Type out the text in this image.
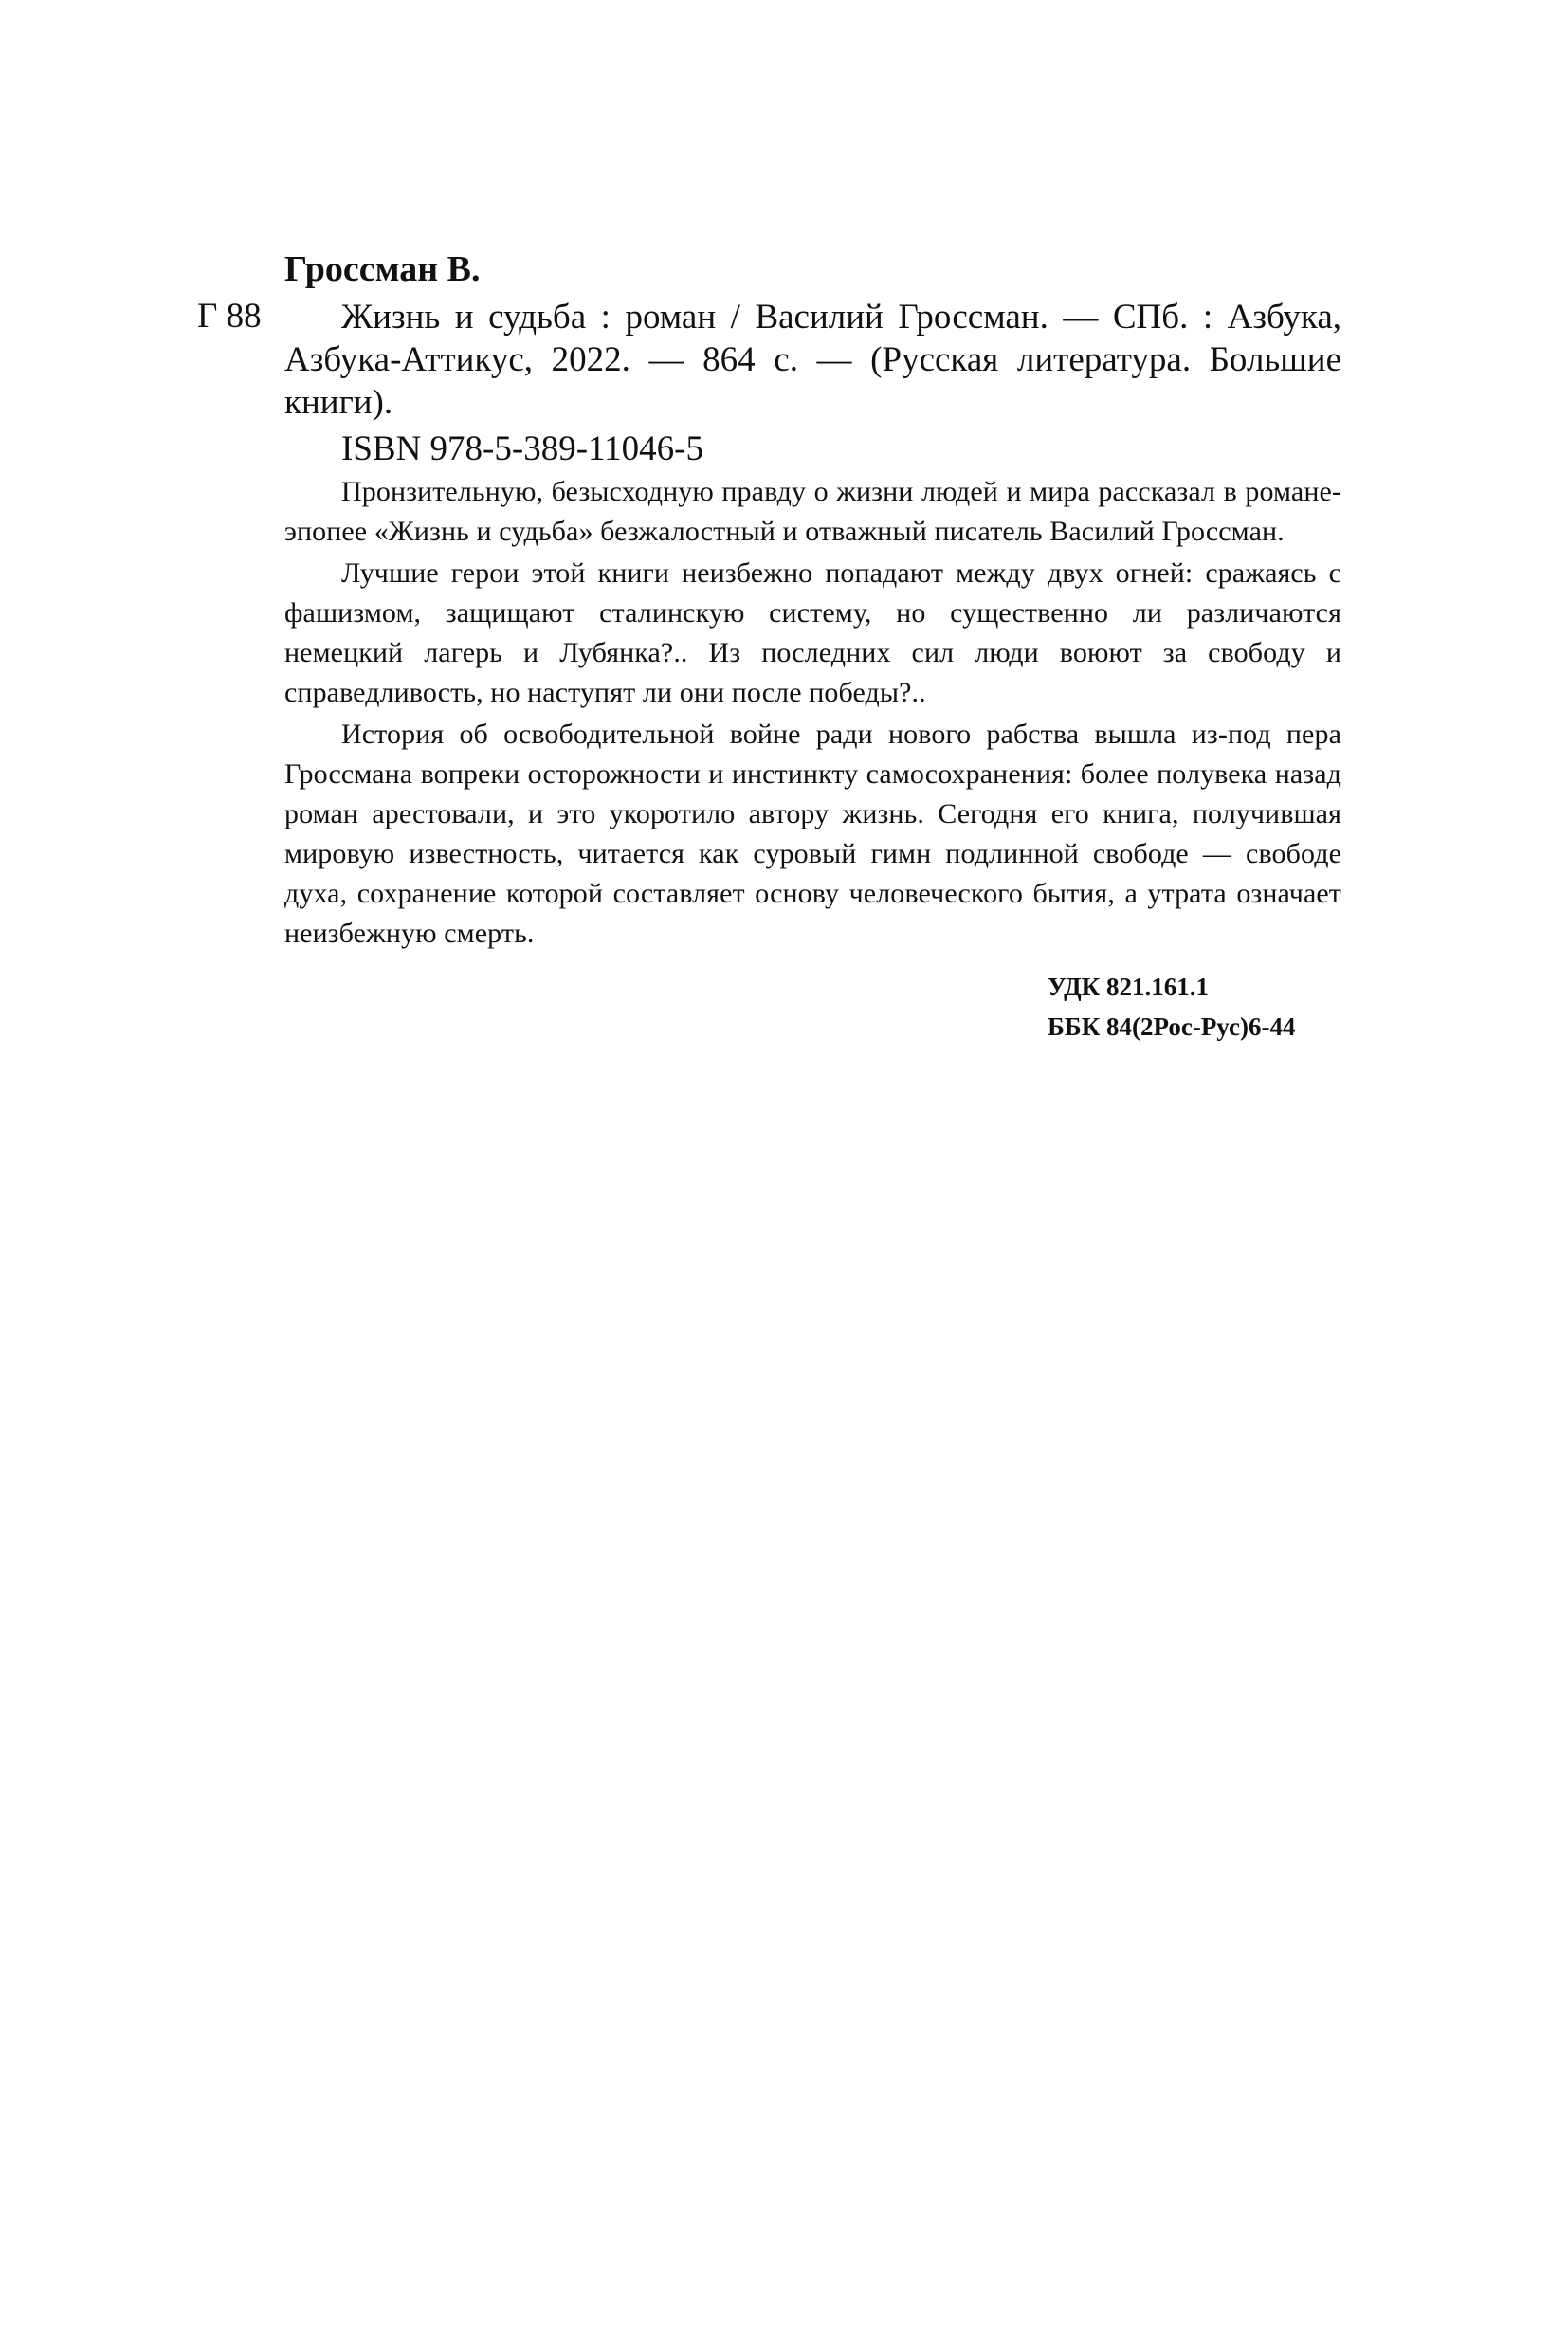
Гроссман В.
Г 88	Жизнь и судьба : роман / Василий Гроссман. — СПб. : Азбука, Азбука-Аттикус, 2022. — 864 с. — (Русская литература. Большие книги).

ISBN 978-5-389-11046-5

Пронзительную, безысходную правду о жизни людей и мира рассказал в романе-эпопее «Жизнь и судьба» безжалостный и отважный писатель Василий Гроссман.

Лучшие герои этой книги неизбежно попадают между двух огней: сражаясь с фашизмом, защищают сталинскую систему, но существенно ли различаются немецкий лагерь и Лубянка?.. Из последних сил люди воюют за свободу и справедливость, но наступят ли они после победы?..

История об освободительной войне ради нового рабства вышла из-под пера Гроссмана вопреки осторожности и инстинкту самосохранения: более полувека назад роман арестовали, и это укоротило автору жизнь. Сегодня его книга, получившая мировую известность, читается как суровый гимн подлинной свободе — свободе духа, сохранение которой составляет основу человеческого бытия, а утрата означает неизбежную смерть.

УДК 821.161.1
ББК 84(2Рос-Рус)6-44
